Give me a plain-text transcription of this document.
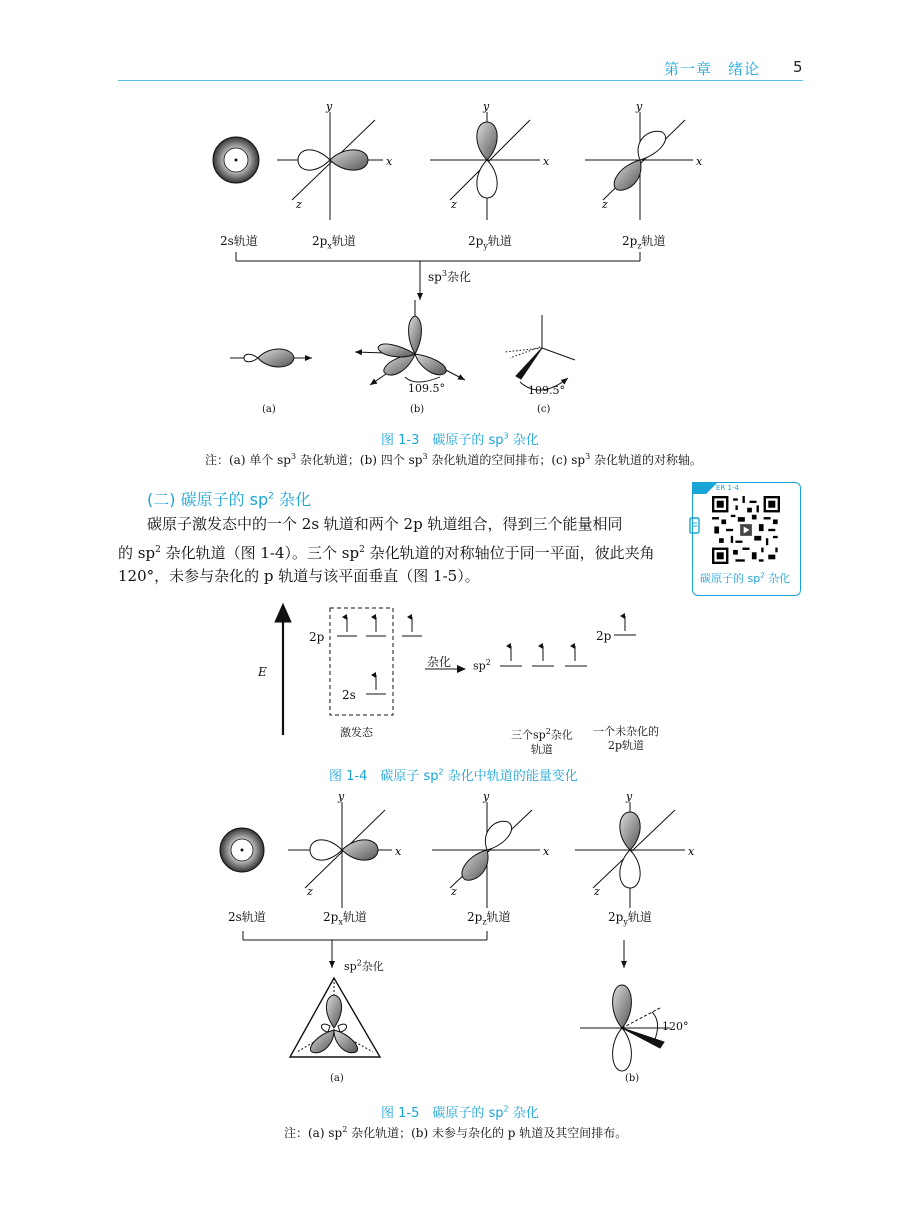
第一章　绪论 5
y
x
z
y
x
z
y
x
z
2s轨道	$2p_x$轨道	$2p_y$轨道	$2p_z$轨道
$sp^3$杂化
109.5°	109.5°
(a)	(b)	(c)
图 1-3　碳原子的 $sp^3$ 杂化
注：(a) 单个 $sp^3$ 杂化轨道；(b) 四个 $sp^3$ 杂化轨道的空间排布；(c) $sp^3$ 杂化轨道的对称轴。
(二) 碳原子的 $sp^2$ 杂化
碳原子激发态中的一个 2s 轨道和两个 2p 轨道组合，得到三个能量相同
的 $sp^2$ 杂化轨道（图 1-4）。三个 $sp^2$ 杂化轨道的对称轴位于同一平面，彼此夹角
120°，未参与杂化的 p 轨道与该平面垂直（图 1-5）。
ER 1-4
碳原子的 $sp^2$ 杂化
E
2p
2s
杂化 $sp^2$
2p
激发态	三个$sp^2$杂化
轨道
一个未杂化的
2p轨道
图 1-4　碳原子 $sp^2$ 杂化中轨道的能量变化
y
x
z
y
x
z
y
x
z
2s轨道	$2p_x$轨道	$2p_z$轨道	$2p_y$轨道
$sp^2$杂化
120°
(a)	(b)
图 1-5　碳原子的 $sp^2$ 杂化
注：(a) $sp^2$ 杂化轨道；(b) 未参与杂化的 p 轨道及其空间排布。
